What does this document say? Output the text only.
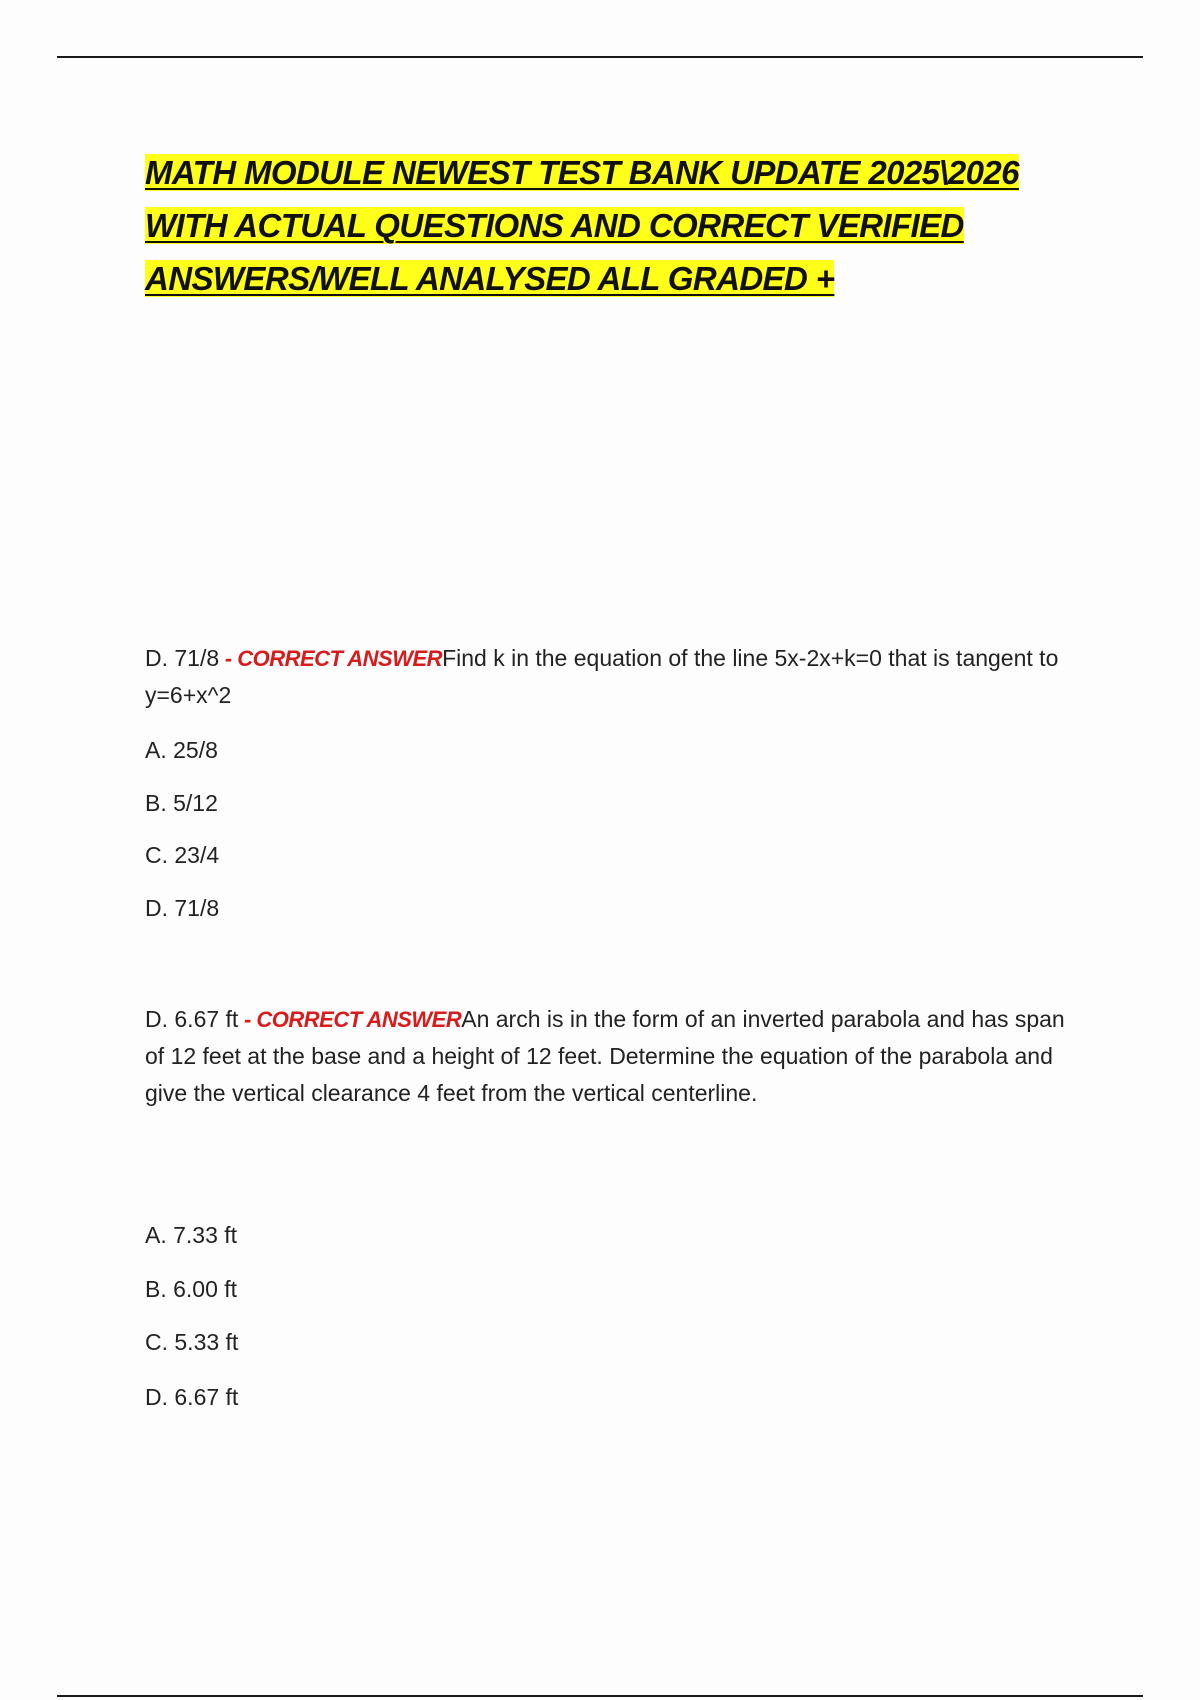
MATH MODULE NEWEST TEST BANK UPDATE 2025\2026 WITH ACTUAL QUESTIONS AND CORRECT VERIFIED ANSWERS/WELL ANALYSED ALL GRADED +
D. 71/8 - CORRECT ANSWERFind k in the equation of the line 5x-2x+k=0 that is tangent to y=6+x^2

A. 25/8

B. 5/12

C. 23/4

D. 71/8

D. 6.67 ft - CORRECT ANSWERAn arch is in the form of an inverted parabola and has span of 12 feet at the base and a height of 12 feet. Determine the equation of the parabola and give the vertical clearance 4 feet from the vertical centerline.

A. 7.33 ft

B. 6.00 ft

C. 5.33 ft

D. 6.67 ft
